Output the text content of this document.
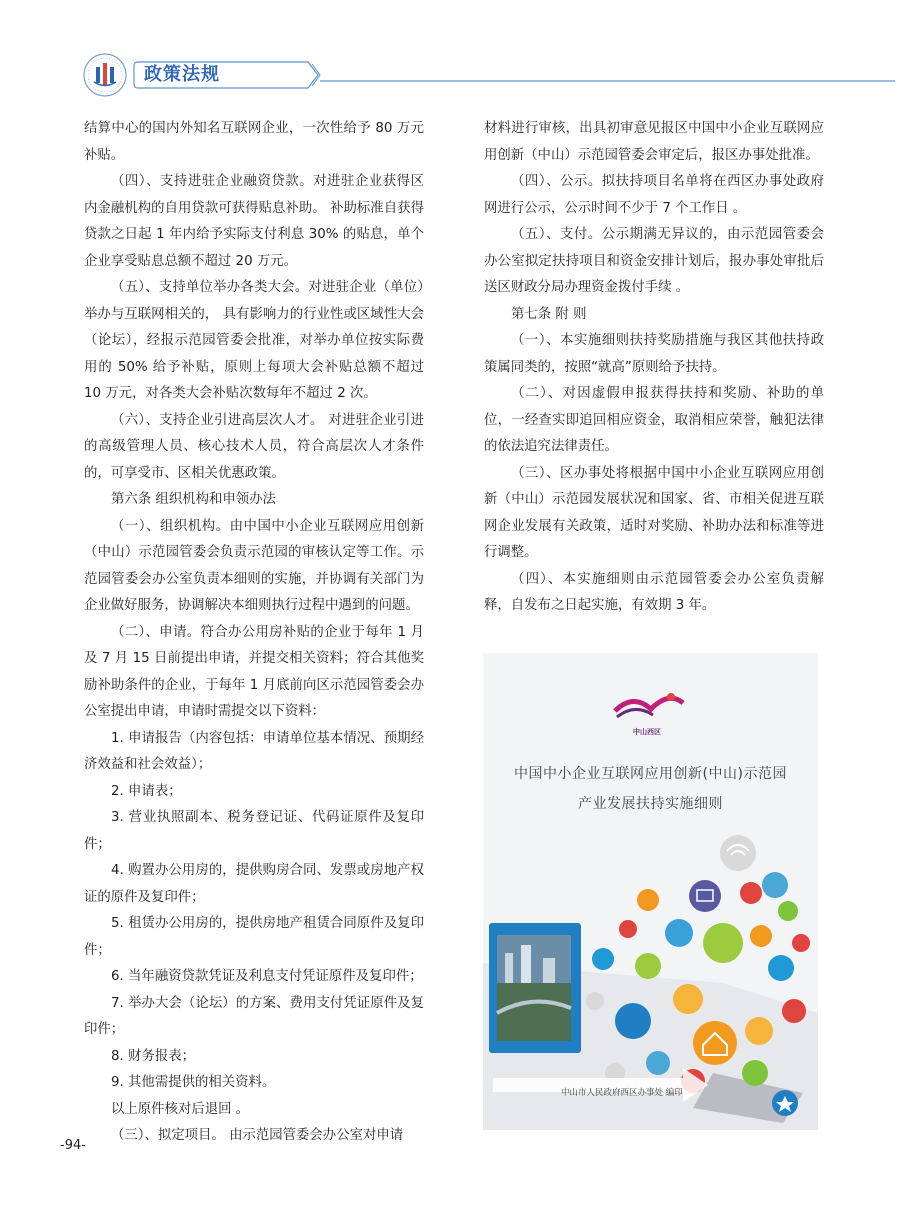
政策法规

结算中心的国内外知名互联网企业，一次性给予 80 万元补贴。

（四）、支持进驻企业融资贷款。对进驻企业获得区内金融机构的自用贷款可获得贴息补助。 补助标准自获得贷款之日起 1 年内给予实际支付利息 30% 的贴息，单个企业享受贴息总额不超过 20 万元。

（五）、支持单位举办各类大会。对进驻企业（单位）举办与互联网相关的， 具有影响力的行业性或区域性大会（论坛），经报示范园管委会批准，对举办单位按实际费用的 50% 给予补贴，原则上每项大会补贴总额不超过 10 万元，对各类大会补贴次数每年不超过 2 次。

（六）、支持企业引进高层次人才。 对进驻企业引进的高级管理人员、核心技术人员，符合高层次人才条件的，可享受市、区相关优惠政策。

第六条 组织机构和申领办法

（一）、组织机构。由中国中小企业互联网应用创新（中山）示范园管委会负责示范园的审核认定等工作。示范园管委会办公室负责本细则的实施，并协调有关部门为企业做好服务，协调解决本细则执行过程中遇到的问题。

（二）、申请。符合办公用房补贴的企业于每年 1 月及 7 月 15 日前提出申请，并提交相关资料；符合其他奖励补助条件的企业，于每年 1 月底前向区示范园管委会办公室提出申请，申请时需提交以下资料：

1. 申请报告（内容包括：申请单位基本情况、预期经济效益和社会效益）；

2. 申请表；

3. 营业执照副本、税务登记证、代码证原件及复印件；

4. 购置办公用房的，提供购房合同、发票或房地产权证的原件及复印件；

5. 租赁办公用房的，提供房地产租赁合同原件及复印件；

6. 当年融资贷款凭证及利息支付凭证原件及复印件；

7. 举办大会（论坛）的方案、费用支付凭证原件及复印件；

8. 财务报表；

9. 其他需提供的相关资料。

以上原件核对后退回 。

（三）、拟定项目。 由示范园管委会办公室对申请

材料进行审核，出具初审意见报区中国中小企业互联网应用创新（中山）示范园管委会审定后，报区办事处批准。

（四）、公示。拟扶持项目名单将在西区办事处政府网进行公示，公示时间不少于 7 个工作日 。

（五）、支付。公示期满无异议的，由示范园管委会办公室拟定扶持项目和资金安排计划后，报办事处审批后送区财政分局办理资金拨付手续 。

第七条 附 则

（一）、本实施细则扶持奖励措施与我区其他扶持政策属同类的，按照“就高”原则给予扶持。

（二）、对因虚假申报获得扶持和奖励、补助的单位，一经查实即追回相应资金，取消相应荣誉，触犯法律的依法追究法律责任。

（三）、区办事处将根据中国中小企业互联网应用创新（中山）示范园发展状况和国家、省、市相关促进互联网企业发展有关政策，适时对奖励、补助办法和标准等进行调整。

（四）、本实施细则由示范园管委会办公室负责解释，自发布之日起实施，有效期 3 年。

中山西区
中国中小企业互联网应用创新(中山)示范园
产业发展扶持实施细则
中山市人民政府西区办事处 编印
-94-
